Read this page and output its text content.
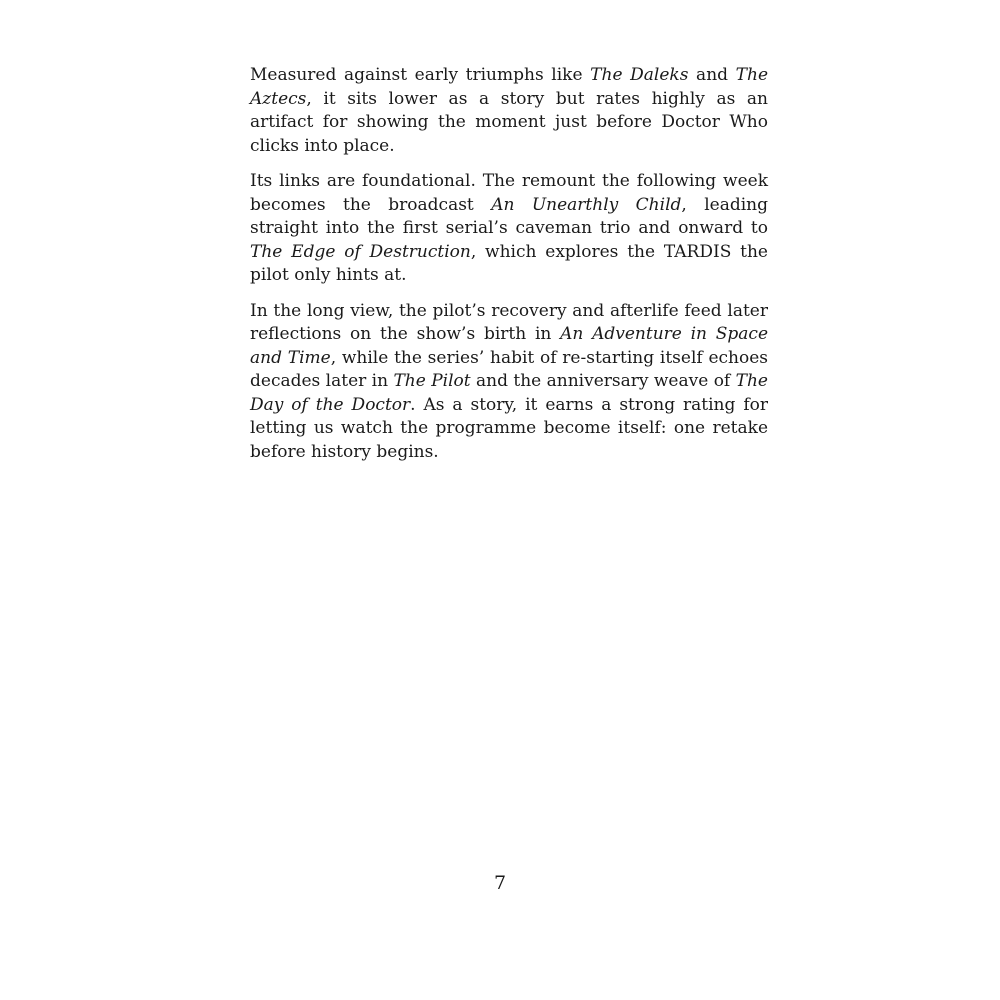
Measured against early triumphs like The Daleks and The Aztecs, it sits lower as a story but rates highly as an artifact for showing the moment just before Doctor Who clicks into place.

Its links are foundational. The remount the following week becomes the broadcast An Unearthly Child, leading straight into the first serial’s caveman trio and onward to The Edge of Destruction, which explores the TARDIS the pilot only hints at.

In the long view, the pilot’s recovery and afterlife feed later reflections on the show’s birth in An Adventure in Space and Time, while the series’ habit of re-starting itself echoes decades later in The Pilot and the anniversary weave of The Day of the Doctor. As a story, it earns a strong rating for letting us watch the programme become itself: one retake before history begins.

7
